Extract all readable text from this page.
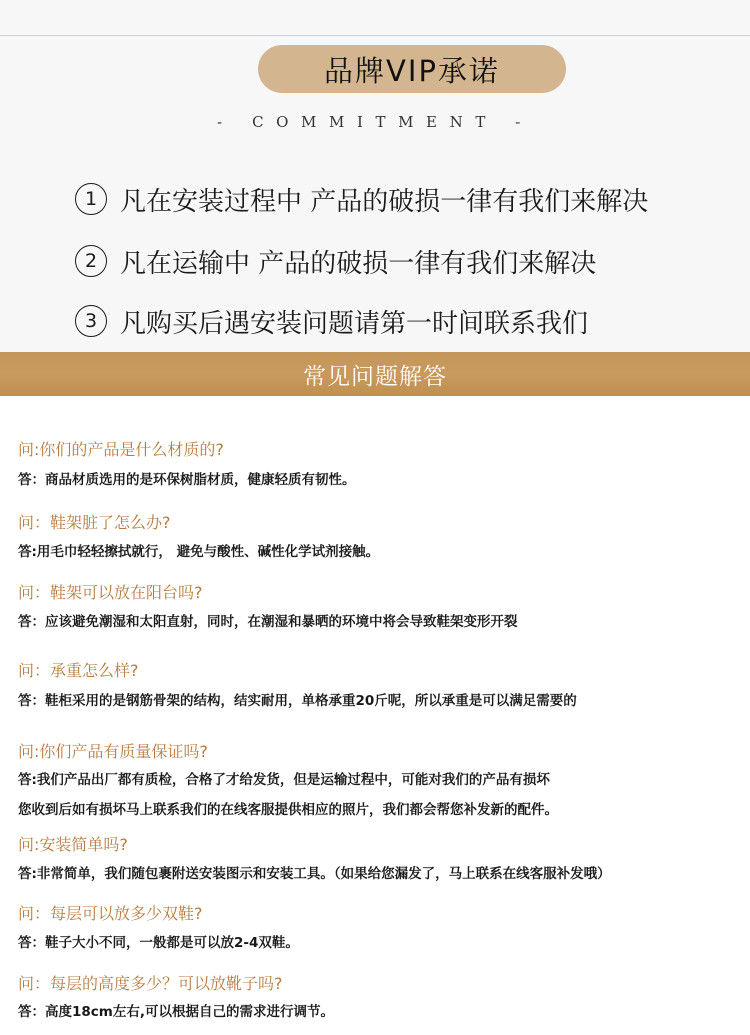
品牌VIP承诺
- COMMITMENT -
1 凡在安装过程中 产品的破损一律有我们来解决
2 凡在运输中 产品的破损一律有我们来解决
3 凡购买后遇安装问题请第一时间联系我们
常见问题解答
问:你们的产品是什么材质的?
答：商品材质选用的是环保树脂材质，健康轻质有韧性。
问：鞋架脏了怎么办?
答:用毛巾轻轻擦拭就行， 避免与酸性、碱性化学试剂接触。
问：鞋架可以放在阳台吗?
答：应该避免潮湿和太阳直射，同时，在潮湿和暴晒的环境中将会导致鞋架变形开裂
问：承重怎么样?
答：鞋柜采用的是钢筋骨架的结构，结实耐用，单格承重20斤呢，所以承重是可以满足需要的
问:你们产品有质量保证吗?
答:我们产品出厂都有质检，合格了才给发货，但是运输过程中，可能对我们的产品有损坏
您收到后如有损坏马上联系我们的在线客服提供相应的照片，我们都会帮您补发新的配件。
问:安装简单吗?
答:非常简单，我们随包裹附送安装图示和安装工具。（如果给您漏发了，马上联系在线客服补发哦）
问：每层可以放多少双鞋?
答：鞋子大小不同，一般都是可以放2-4双鞋。
问：每层的高度多少？可以放靴子吗?
答：高度18cm左右,可以根据自己的需求进行调节。
